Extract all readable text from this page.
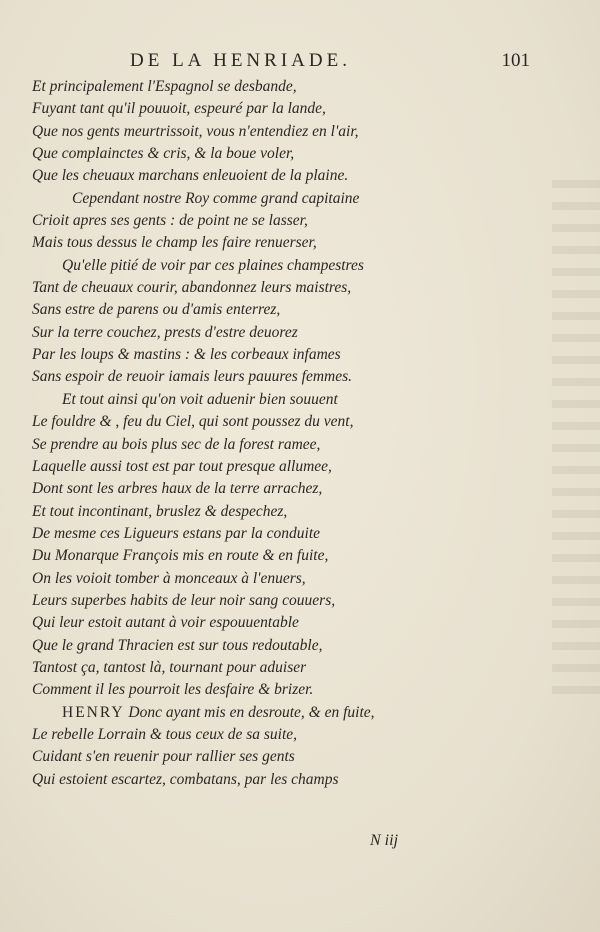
DE LA HENRIADE.	101
Et principalement l'Espagnol se desbande,
Fuyant tant qu'il pouuoit, espeuré par la lande,
Que nos gents meurtrissoit, vous n'entendiez en l'air,
Que complainctes & cris, & la boue voler,
Que les cheuaux marchans enleuoient de la plaine.
Cependant nostre Roy comme grand capitaine
Crioit apres ses gents : de point ne se lasser,
Mais tous dessus le champ les faire renuerser,
Qu'elle pitié de voir par ces plaines champestres
Tant de cheuaux courir, abandonnez leurs maistres,
Sans estre de parens ou d'amis enterrez,
Sur la terre couchez, prests d'estre deuorez
Par les loups & mastins : & les corbeaux infames
Sans espoir de reuoir iamais leurs pauures femmes.
Et tout ainsi qu'on voit aduenir bien souuent
Le fouldre & , feu du Ciel, qui sont poussez du vent,
Se prendre au bois plus sec de la forest ramee,
Laquelle aussi tost est par tout presque allumee,
Dont sont les arbres haux de la terre arrachez,
Et tout incontinant, bruslez & despechez,
De mesme ces Ligueurs estans par la conduite
Du Monarque François mis en route & en fuite,
On les voioit tomber à monceaux à l'enuers,
Leurs superbes habits de leur noir sang couuers,
Qui leur estoit autant à voir espouuentable
Que le grand Thracien est sur tous redoutable,
Tantost ça, tantost là, tournant pour aduiser
Comment il les pourroit les desfaire & brizer.
HENRY Donc ayant mis en desroute, & en fuite,
Le rebelle Lorrain & tous ceux de sa suite,
Cuidant s'en reuenir pour rallier ses gents
Qui estoient escartez, combatans, par les champs
N iij
